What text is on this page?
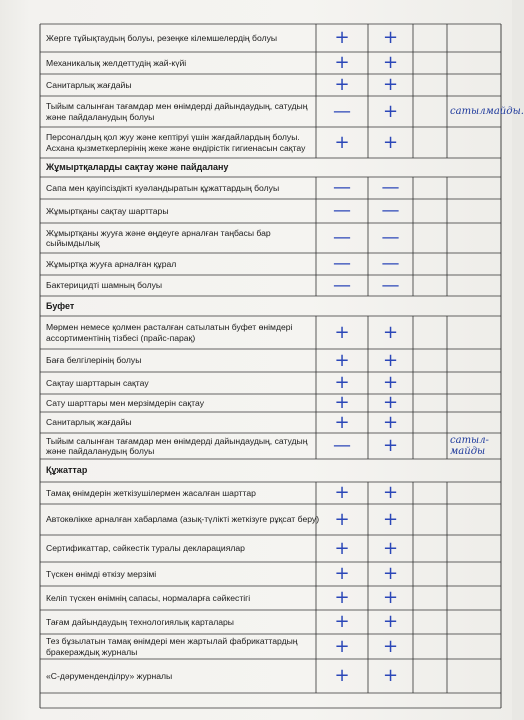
Жерге тұйықтаудың болуы, резеңке кілемшелердің болуы	+ +
Механикалық желдеттудің жай-күйі	+ +
Санитарлық жағдайы	+ +
Тыйым салынған тағамдар мен өнімдерді дайындаудың, сатудың
және пайдаланудың болуы	— +	сатылмайды.
Персоналдың қол жуу және кептіруі үшін жағдайлардың болуы.
Асхана қызметкерлерінің жеке және өндірістік гигиенасын сақтау + +
Жұмыртқаларды сақтау және пайдалану
Сапа мен қауіпсіздікті куәландыратын құжаттардың болуы	— —
Жұмыртқаны сақтау шарттары	— —
Жұмыртқаны жууға және өңдеуге арналған таңбасы бар
сыйымдылық	— —
Жұмыртқа жууға арналған құрал	— —
Бактерицидті шамның болуы	— —
Буфет
Мөрмен немесе қолмен расталған сатылатын буфет өнімдері
ассортиментінің тізбесі (прайс-парақ)	+ +
Баға белгілерінің болуы	+ +
Сақтау шарттарын сақтау	+ +
Сату шарттары мен мерзімдерін сақтау	+ +
Санитарлық жағдайы	+ +
Тыйым салынған тағамдар мен өнімдерді дайындаудың, сатудың
және пайдаланудың болуы	— +	сатыл-
майды
Құжаттар
Тамақ өнімдерін жеткізушілермен жасалған шарттар	+ +
Автокөлікке арналған хабарлама (азық-түлікті жеткізуге рұқсат беру) + +
Сертификаттар, сәйкестік туралы декларациялар	+ +
Түскен өнімді өткізу мерзімі	+ +
Келіп түскен өнімнің сапасы, нормаларға сәйкестігі	+ +
Тағам дайындаудың технологиялық карталары	+ +
Тез бұзылатын тамақ өнімдері мен жартылай фабрикаттардың
бракераждық журналы	+ +
«С-дәруменденділру» журналы	+ +
